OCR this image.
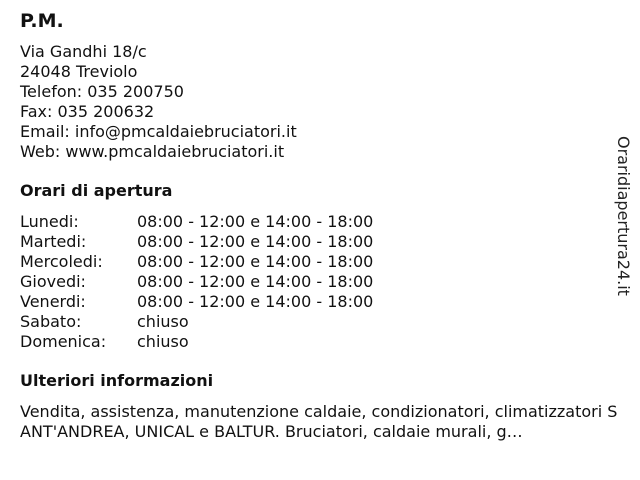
P.M.
Via Gandhi 18/c
24048 Treviolo
Telefon: 035 200750
Fax: 035 200632
Email: info@pmcaldaiebruciatori.it
Web: www.pmcaldaiebruciatori.it
Orari di apertura
Lunedi:	08:00 - 12:00 e 14:00 - 18:00
Martedi:	08:00 - 12:00 e 14:00 - 18:00
Mercoledi:	08:00 - 12:00 e 14:00 - 18:00
Giovedi:	08:00 - 12:00 e 14:00 - 18:00
Venerdi:	08:00 - 12:00 e 14:00 - 18:00
Sabato:	chiuso
Domenica:	chiuso
Ulteriori informazioni
Vendita, assistenza, manutenzione caldaie, condizionatori, climatizzatori SANT'ANDREA, UNICAL e BALTUR. Bruciatori, caldaie murali, g…
Oraridiapertura24.it
